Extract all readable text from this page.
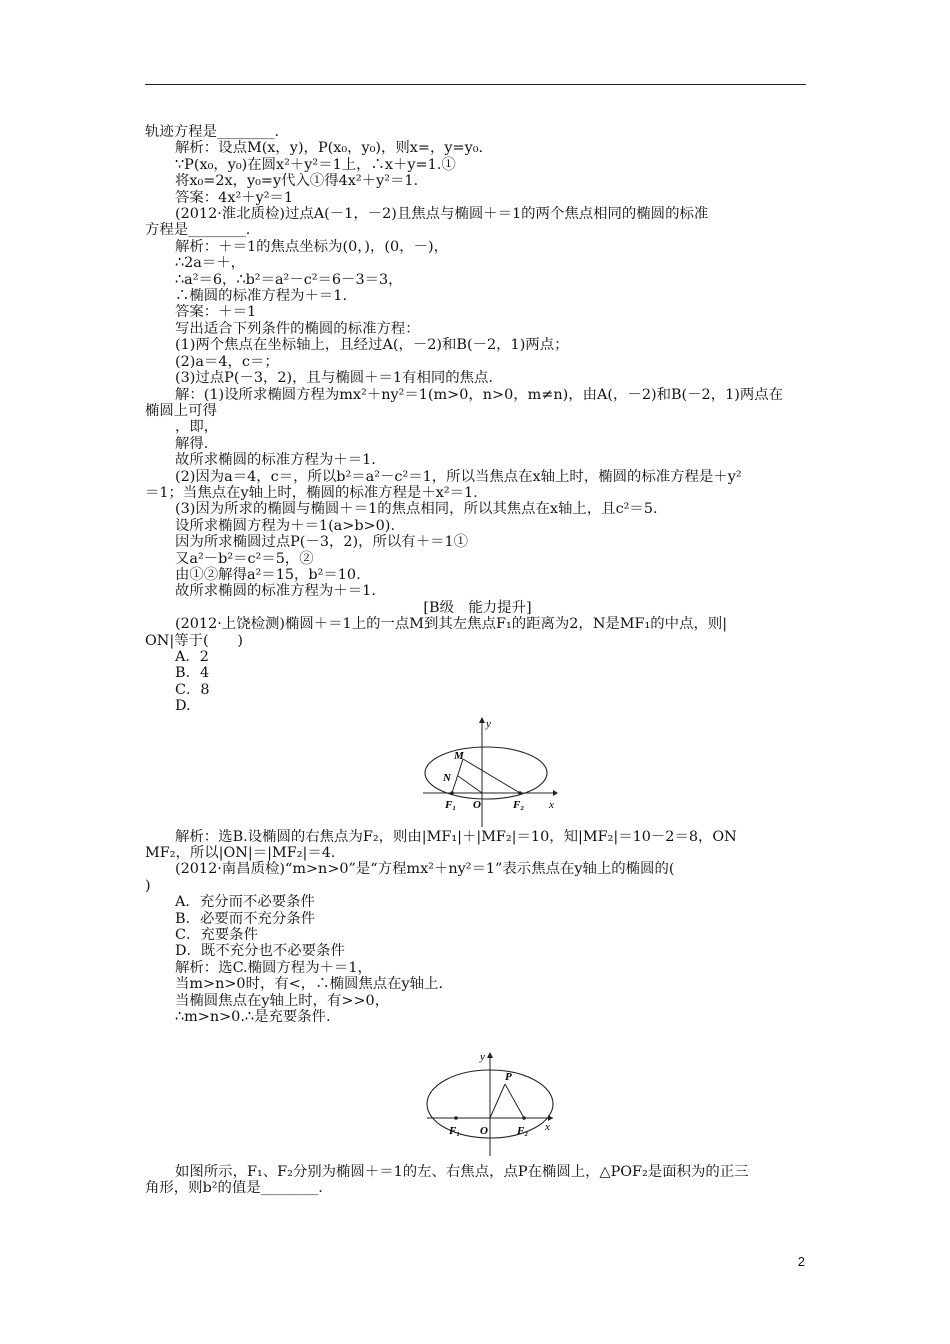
轨迹方程是________.
解析：设点M(x，y)，P(x₀，y₀)，则x=，y=y₀.
∵P(x₀，y₀)在圆x²＋y²＝1上，∴x＋y=1.①
将x₀=2x，y₀=y代入①得4x²＋y²＝1.
答案：4x²＋y²＝1
(2012·淮北质检)过点A(－1，－2)且焦点与椭圆＋＝1的两个焦点相同的椭圆的标准
方程是________.
解析：＋＝1的焦点坐标为(0，)，(0，－)，
∴2a＝＋，
∴a²＝6，∴b²＝a²－c²＝6－3＝3，
∴椭圆的标准方程为＋＝1.
答案：＋＝1
写出适合下列条件的椭圆的标准方程：
(1)两个焦点在坐标轴上，且经过A(，－2)和B(－2，1)两点；
(2)a＝4，c＝；
(3)过点P(－3，2)，且与椭圆＋＝1有相同的焦点.
解：(1)设所求椭圆方程为mx²＋ny²＝1(m>0，n>0，m≠n)，由A(，－2)和B(－2，1)两点在
椭圆上可得
，即，
解得.
故所求椭圆的标准方程为＋＝1.
(2)因为a＝4，c＝，所以b²＝a²－c²＝1，所以当焦点在x轴上时，椭圆的标准方程是＋y²
＝1；当焦点在y轴上时，椭圆的标准方程是＋x²＝1.
(3)因为所求的椭圆与椭圆＋＝1的焦点相同，所以其焦点在x轴上，且c²＝5.
设所求椭圆方程为＋＝1(a>b>0).
因为所求椭圆过点P(－3，2)，所以有＋＝1①
又a²－b²＝c²＝5，②
由①②解得a²＝15，b²＝10.
故所求椭圆的标准方程为＋＝1.
[B级　能力提升]
(2012·上饶检测)椭圆＋＝1上的一点M到其左焦点F₁的距离为2，N是MF₁的中点，则|
ON|等于(　　)
A．2
B．4
C．8
D.
y
x
M
N
F₁ O	F₂
解析：选B.设椭圆的右焦点为F₂，则由|MF₁|＋|MF₂|＝10，知|MF₂|＝10－2＝8，ON
MF₂，所以|ON|＝|MF₂|＝4.
(2012·南昌质检)“m>n>0”是“方程mx²＋ny²＝1”表示焦点在y轴上的椭圆的(
)
A．充分而不必要条件
B．必要而不充分条件
C．充要条件
D．既不充分也不必要条件
解析：选C.椭圆方程为＋＝1，
当m>n>0时，有<，∴椭圆焦点在y轴上.
当椭圆焦点在y轴上时，有>>0，
∴m>n>0.∴是充要条件.
y
x
P
F₁ O	F₂
如图所示，F₁、F₂分别为椭圆＋＝1的左、右焦点，点P在椭圆上，△POF₂是面积为的正三
角形，则b²的值是________.
2
